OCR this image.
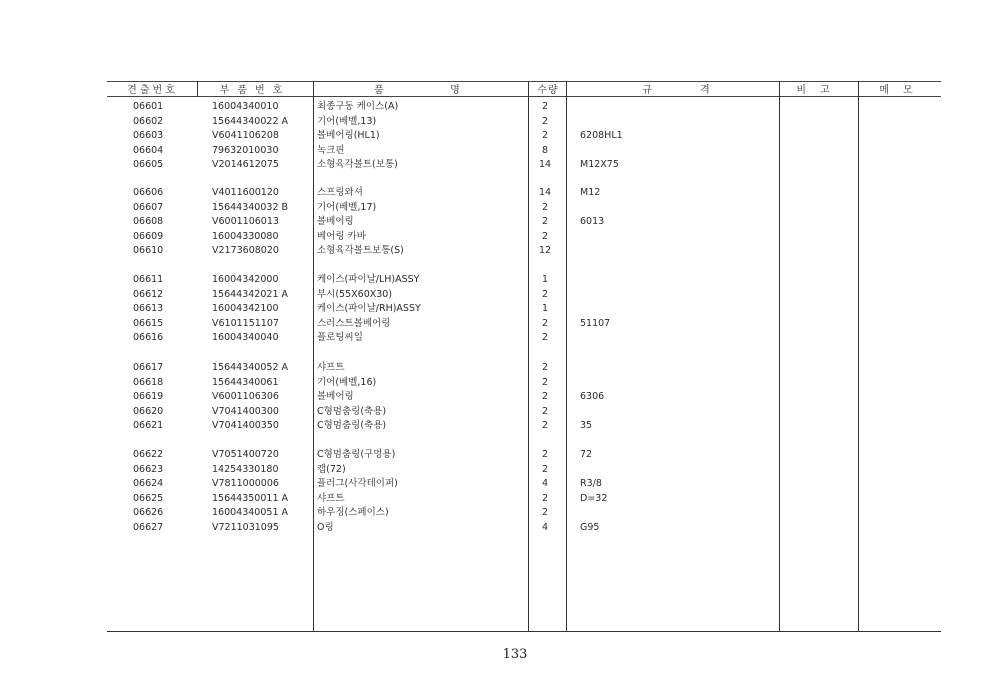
견출번호	부품번호	품	명	수량	규	격	비고	메모
06601	16004340010	최종구동 케이스(A)	2
06602	15644340022 A	기어(베벨,13)	2
06603	V6041106208	볼베어링(HL1)	2	6208HL1
06604	79632010030	녹크핀	8
06605	V2014612075	소형육각볼트(보통)	14	M12X75
06606	V4011600120	스프링와셔	14	M12
06607	15644340032 B	기어(베벨,17)	2
06608	V6001106013	볼베어링	2	6013
06609	16004330080	베어링 카바	2
06610	V2173608020	소형육각볼트보통(S)	12
06611	16004342000	케이스(파이날/LH)ASSY	1
06612	15644342021 A	부시(55X60X30)	2
06613	16004342100	케이스(파이날/RH)ASSY	1
06615	V6101151107	스러스트볼베어링	2	51107
06616	16004340040	플로팅씨일	2
06617	15644340052 A	샤프트	2
06618	15644340061	기어(베벨,16)	2
06619	V6001106306	볼베어링	2	6306
06620	V7041400300	C형멈춤링(축용)	2
06621	V7041400350	C형멈춤링(축용)	2	35
06622	V7051400720	C형멈춤링(구멍용)	2	72
06623	14254330180	캡(72)	2
06624	V7811000006	플러그(사각테이퍼)	4	R3/8
06625	15644350011 A	샤프트	2	D=32
06626	16004340051 A	하우징(스페이스)	2
06627	V7211031095	O링	4	G95
133
